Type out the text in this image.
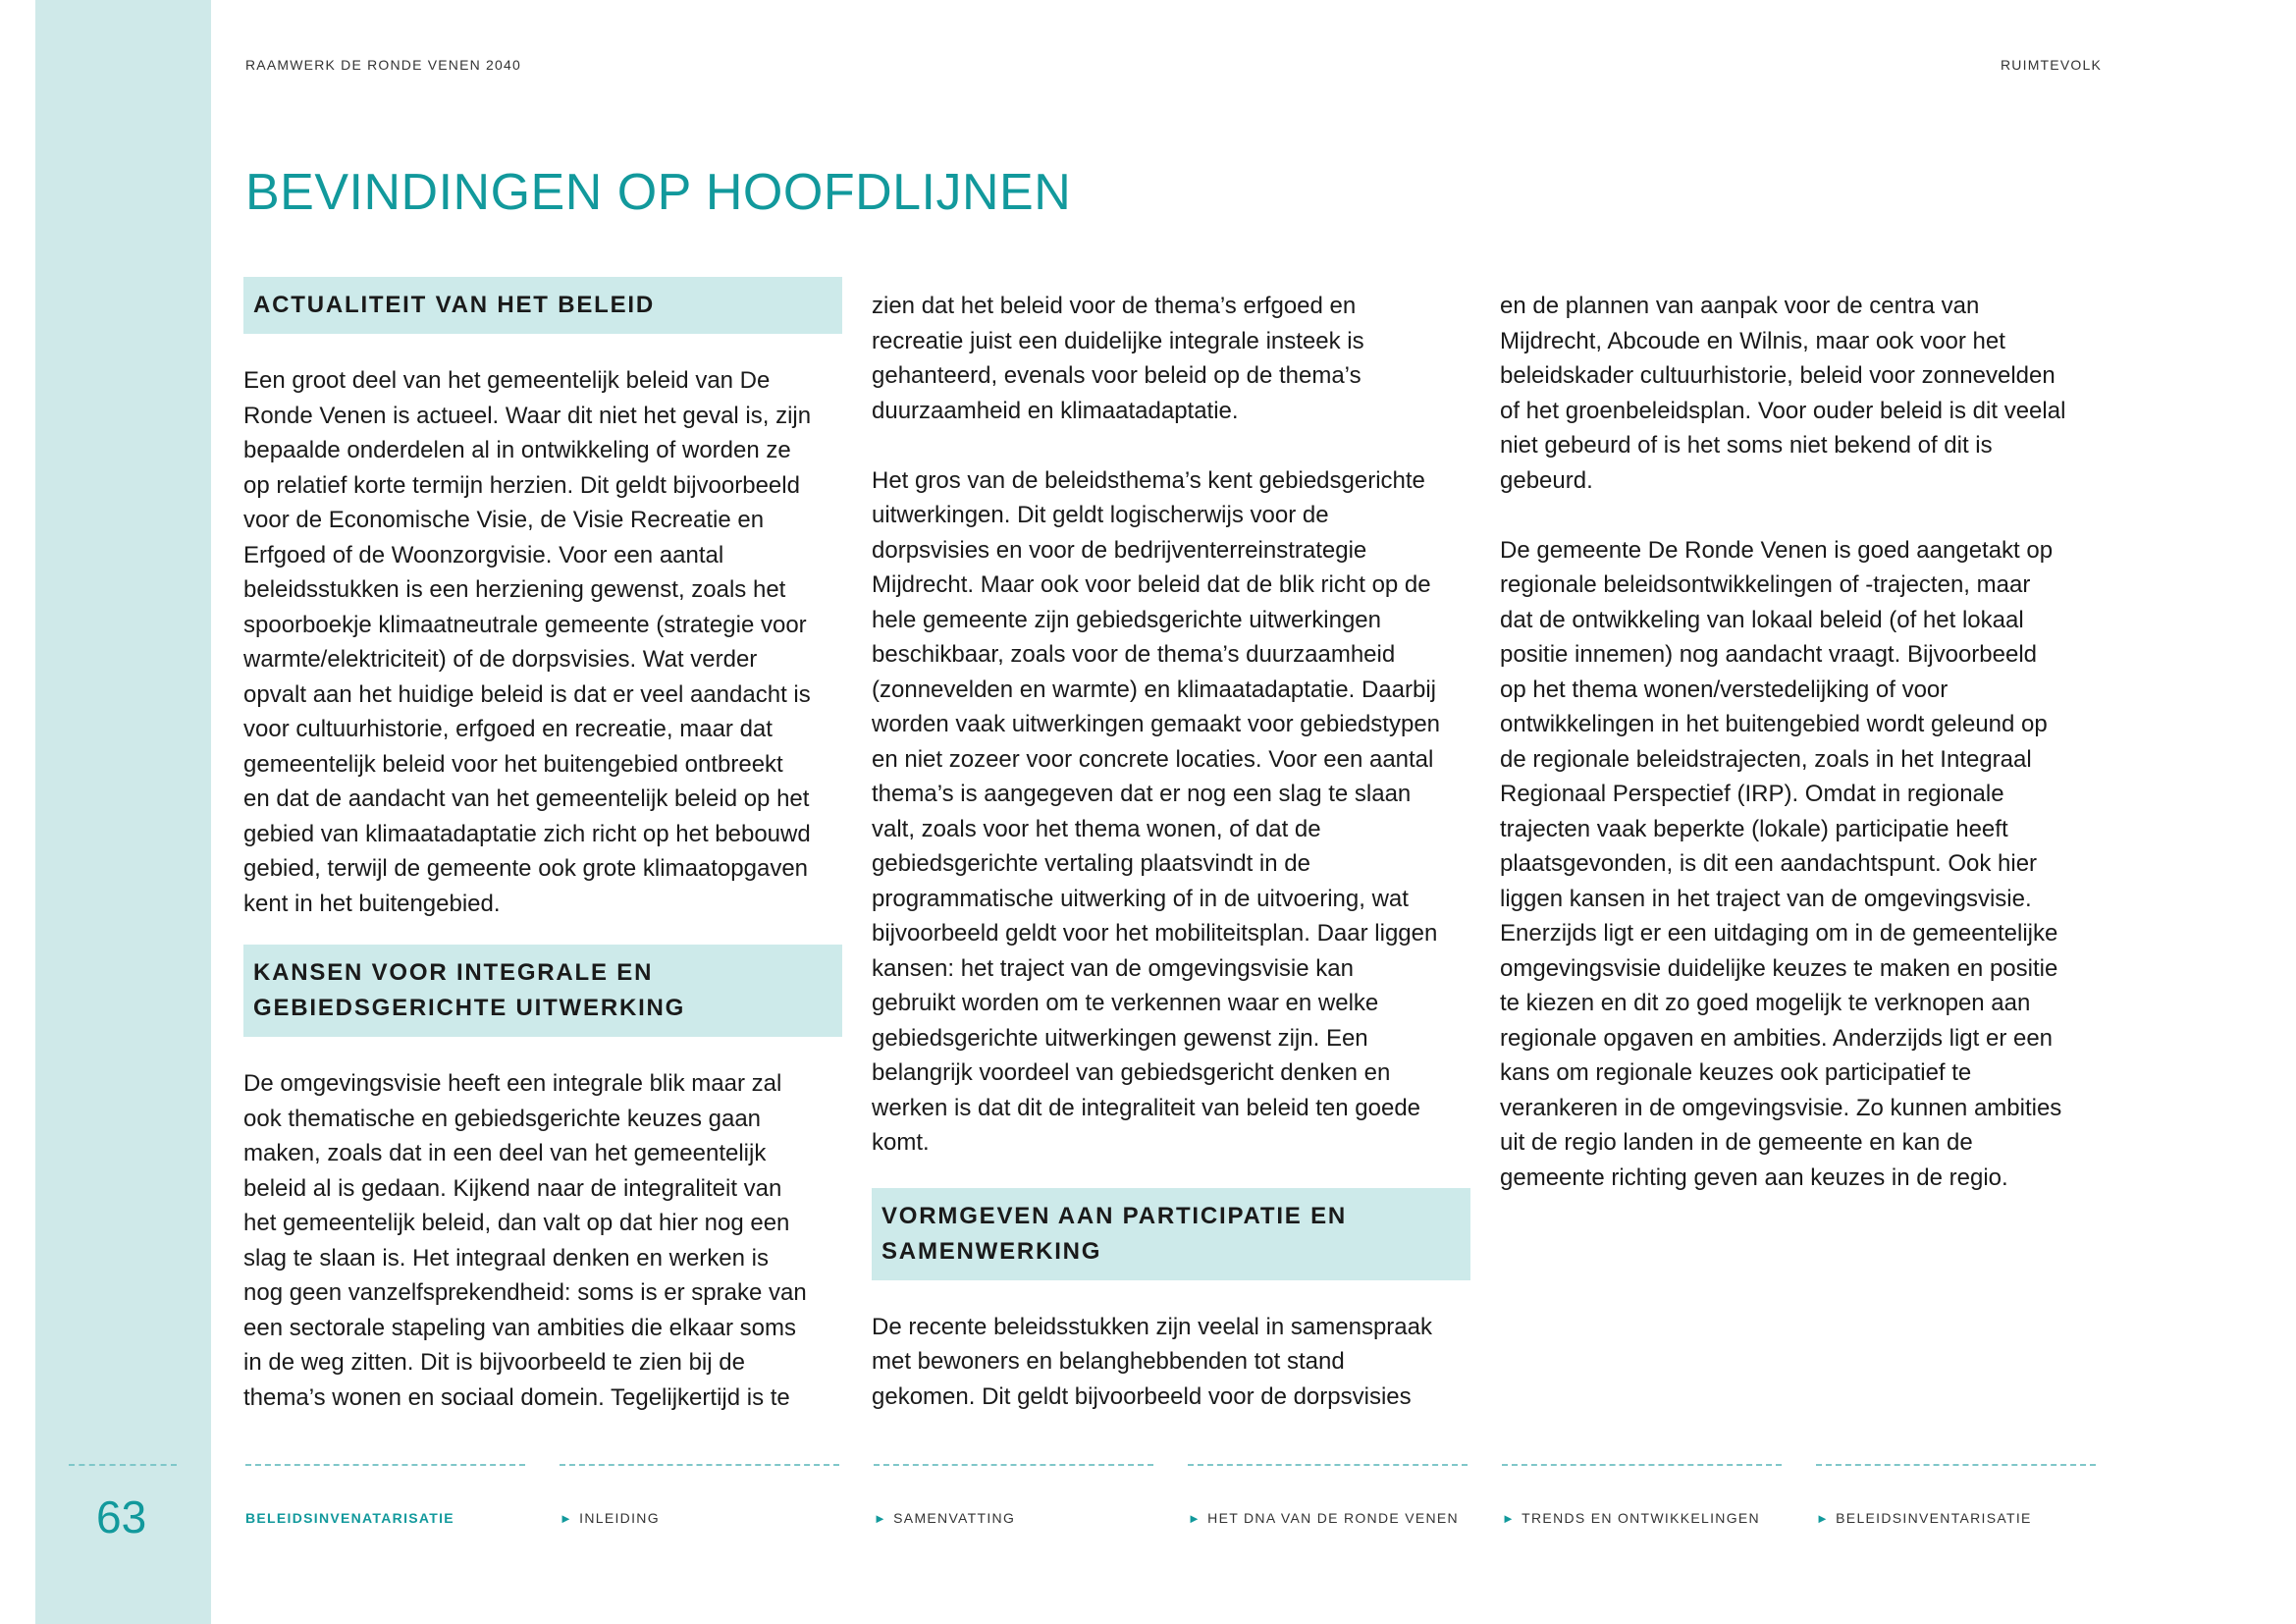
RAAMWERK DE RONDE VENEN 2040	RUIMTEVOLK
BEVINDINGEN OP HOOFDLIJNEN
ACTUALITEIT VAN HET BELEID

Een groot deel van het gemeentelijk beleid van De
Ronde Venen is actueel. Waar dit niet het geval is, zijn
bepaalde onderdelen al in ontwikkeling of worden ze
op relatief korte termijn herzien. Dit geldt bijvoorbeeld
voor de Economische Visie, de Visie Recreatie en
Erfgoed of de Woonzorgvisie. Voor een aantal
beleidsstukken is een herziening gewenst, zoals het
spoorboekje klimaatneutrale gemeente (strategie voor
warmte/elektriciteit) of de dorpsvisies. Wat verder
opvalt aan het huidige beleid is dat er veel aandacht is
voor cultuurhistorie, erfgoed en recreatie, maar dat
gemeentelijk beleid voor het buitengebied ontbreekt
en dat de aandacht van het gemeentelijk beleid op het
gebied van klimaatadaptatie zich richt op het bebouwd
gebied, terwijl de gemeente ook grote klimaatopgaven
kent in het buitengebied.

KANSEN VOOR INTEGRALE EN
GEBIEDSGERICHTE UITWERKING

De omgevingsvisie heeft een integrale blik maar zal
ook thematische en gebiedsgerichte keuzes gaan
maken, zoals dat in een deel van het gemeentelijk
beleid al is gedaan. Kijkend naar de integraliteit van
het gemeentelijk beleid, dan valt op dat hier nog een
slag te slaan is. Het integraal denken en werken is
nog geen vanzelfsprekendheid: soms is er sprake van
een sectorale stapeling van ambities die elkaar soms
in de weg zitten. Dit is bijvoorbeeld te zien bij de
thema’s wonen en sociaal domein. Tegelijkertijd is te

zien dat het beleid voor de thema’s erfgoed en
recreatie juist een duidelijke integrale insteek is
gehanteerd, evenals voor beleid op de thema’s
duurzaamheid en klimaatadaptatie.

Het gros van de beleidsthema’s kent gebiedsgerichte
uitwerkingen. Dit geldt logischerwijs voor de
dorpsvisies en voor de bedrijventerreinstrategie
Mijdrecht. Maar ook voor beleid dat de blik richt op de
hele gemeente zijn gebiedsgerichte uitwerkingen
beschikbaar, zoals voor de thema’s duurzaamheid
(zonnevelden en warmte) en klimaatadaptatie. Daarbij
worden vaak uitwerkingen gemaakt voor gebiedstypen
en niet zozeer voor concrete locaties. Voor een aantal
thema’s is aangegeven dat er nog een slag te slaan
valt, zoals voor het thema wonen, of dat de
gebiedsgerichte vertaling plaatsvindt in de
programmatische uitwerking of in de uitvoering, wat
bijvoorbeeld geldt voor het mobiliteitsplan. Daar liggen
kansen: het traject van de omgevingsvisie kan
gebruikt worden om te verkennen waar en welke
gebiedsgerichte uitwerkingen gewenst zijn. Een
belangrijk voordeel van gebiedsgericht denken en
werken is dat dit de integraliteit van beleid ten goede
komt.

VORMGEVEN AAN PARTICIPATIE EN
SAMENWERKING

De recente beleidsstukken zijn veelal in samenspraak
met bewoners en belanghebbenden tot stand
gekomen. Dit geldt bijvoorbeeld voor de dorpsvisies

en de plannen van aanpak voor de centra van
Mijdrecht, Abcoude en Wilnis, maar ook voor het
beleidskader cultuurhistorie, beleid voor zonnevelden
of het groenbeleidsplan. Voor ouder beleid is dit veelal
niet gebeurd of is het soms niet bekend of dit is
gebeurd.

De gemeente De Ronde Venen is goed aangetakt op
regionale beleidsontwikkelingen of -trajecten, maar
dat de ontwikkeling van lokaal beleid (of het lokaal
positie innemen) nog aandacht vraagt. Bijvoorbeeld
op het thema wonen/verstedelijking of voor
ontwikkelingen in het buitengebied wordt geleund op
de regionale beleidstrajecten, zoals in het Integraal
Regionaal Perspectief (IRP). Omdat in regionale
trajecten vaak beperkte (lokale) participatie heeft
plaatsgevonden, is dit een aandachtspunt. Ook hier
liggen kansen in het traject van de omgevingsvisie.
Enerzijds ligt er een uitdaging om in de gemeentelijke
omgevingsvisie duidelijke keuzes te maken en positie
te kiezen en dit zo goed mogelijk te verknopen aan
regionale opgaven en ambities. Anderzijds ligt er een
kans om regionale keuzes ook participatief te
verankeren in de omgevingsvisie. Zo kunnen ambities
uit de regio landen in de gemeente en kan de
gemeente richting geven aan keuzes in de regio.

63	BELEIDSINVENATARISATIE	► INLEIDING	► SAMENVATTING	► HET DNA VAN DE RONDE VENEN	► TRENDS EN ONTWIKKELINGEN	► BELEIDSINVENTARISATIE
